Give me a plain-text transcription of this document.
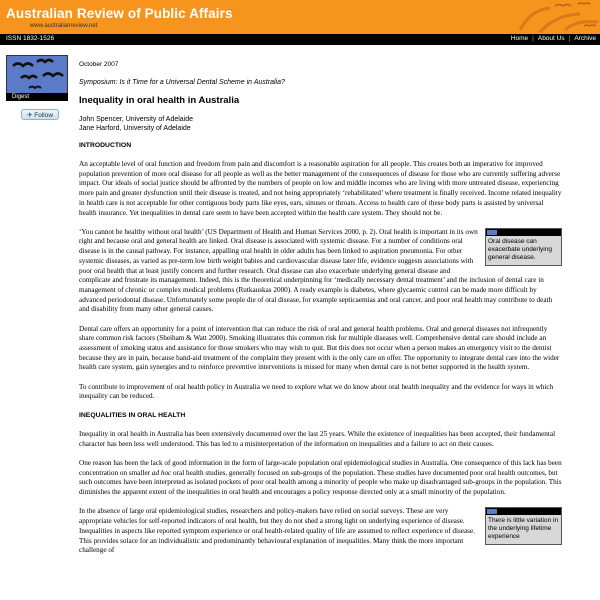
Australian Review of Public Affairs
www.australianreview.net
ISSN 1832-1526	Home | About Us | Archive
Digest
✈ Follow
October 2007
Symposium: Is it Time for a Universal Dental Scheme in Australia?
Inequality in oral health in Australia
John Spencer, University of Adelaide
Jane Harford, University of Adelaide
INTRODUCTION

An acceptable level of oral function and freedom from pain and discomfort is a reasonable aspiration for all people. This creates both an imperative for improved population prevention of more oral disease for all people as well as the better management of the consequences of disease for those who are currently suffering adverse impact. Our ideals of social justice should be affronted by the numbers of people on low and middle incomes who are living with more untreated disease, experiencing more pain and greater dysfunction until their disease is treated, and not being appropriately ‘rehabilitated’ where treatment is finally received. Income related inequality in health care is not acceptable for other contiguous body parts like eyes, ears, sinuses or throats. Access to health care of these body parts is assisted by universal health insurance. Yet inequalities in dental care seem to have been accepted within the health care system. They should not be.

Oral disease can exacerbate underlying general disease.

‘You cannot be healthy without oral health’ (US Department of Health and Human Services 2000, p. 2). Oral health is important in its own right and because oral and general health are linked. Oral disease is associated with systemic disease. For a number of conditions oral disease is in the causal pathway. For instance, appalling oral health in older adults has been linked to aspiration pneumonia. For other systemic diseases, as varied as pre-term low birth weight babies and cardiovascular disease later life, evidence suggests associations with poor oral health that at least justify concern and further research. Oral disease can also exacerbate underlying general disease and complicate and frustrate its management. Indeed, this is the theoretical underpinning for ‘medically necessary dental treatment’ and the inclusion of dental care in management of chronic or complex medical problems (Rutkauskas 2000). A ready example is diabetes, where glycaemic control can be made more difficult by advanced periodontal disease. Unfortunately some people die of oral disease, for example septicaemias and oral cancer, and poor oral health may contribute to death and disability from many other general causes.

Dental care offers an opportunity for a point of intervention that can reduce the risk of oral and general health problems. Oral and general diseases not infrequently share common risk factors (Sheiham & Watt 2000). Smoking illustrates this common risk for multiple diseases well. Comprehensive dental care should include an assessment of smoking status and assistance for those smokers who may wish to quit. But this does not occur when a person makes an emergency visit to the dentist because they are in pain, because band-aid treatment of the complaint they present with is the only care on offer. The opportunity to integrate dental care into the wider health care system, gain synergies and to reinforce preventive interventions is missed for many when dental care is not better supported in the health system.

To contribute to improvement of oral health policy in Australia we need to explore what we do know about oral health inequality and the evidence for ways in which inequality can be reduced.

INEQUALITIES IN ORAL HEALTH

Inequality in oral health in Australia has been extensively documented over the last 25 years. While the existence of inequalities has been accepted, their fundamental character has been less well understood. This has led to a misinterpretation of the information on inequalities and a failure to act on their causes.

One reason has been the lack of good information in the form of large-scale population oral epidemiological studies in Australia. One consequence of this lack has been concentration on smaller ad hoc oral health studies, generally focused on sub-groups of the population. These studies have documented poor oral health outcomes, but such outcomes have been interpreted as isolated pockets of poor oral health among a minority of people who make up disadvantaged sub-groups in the population. This diminishes the apparent extent of the inequalities in oral health and encourages a policy response directed only at a small minority of the population.

There is little variation in the underlying lifetime experience

In the absence of large oral epidemiological studies, researchers and policy-makers have relied on social surveys. These are very appropriate vehicles for self-reported indicators of oral health, but they do not shed a strong light on underlying experience of disease. Inequalities in aspects like reported symptom experience or oral health-related quality of life are assumed to reflect experience of disease. This provides solace for an individualistic and predominantly behavioural explanation of inequalities. Many think the more important challenge of
